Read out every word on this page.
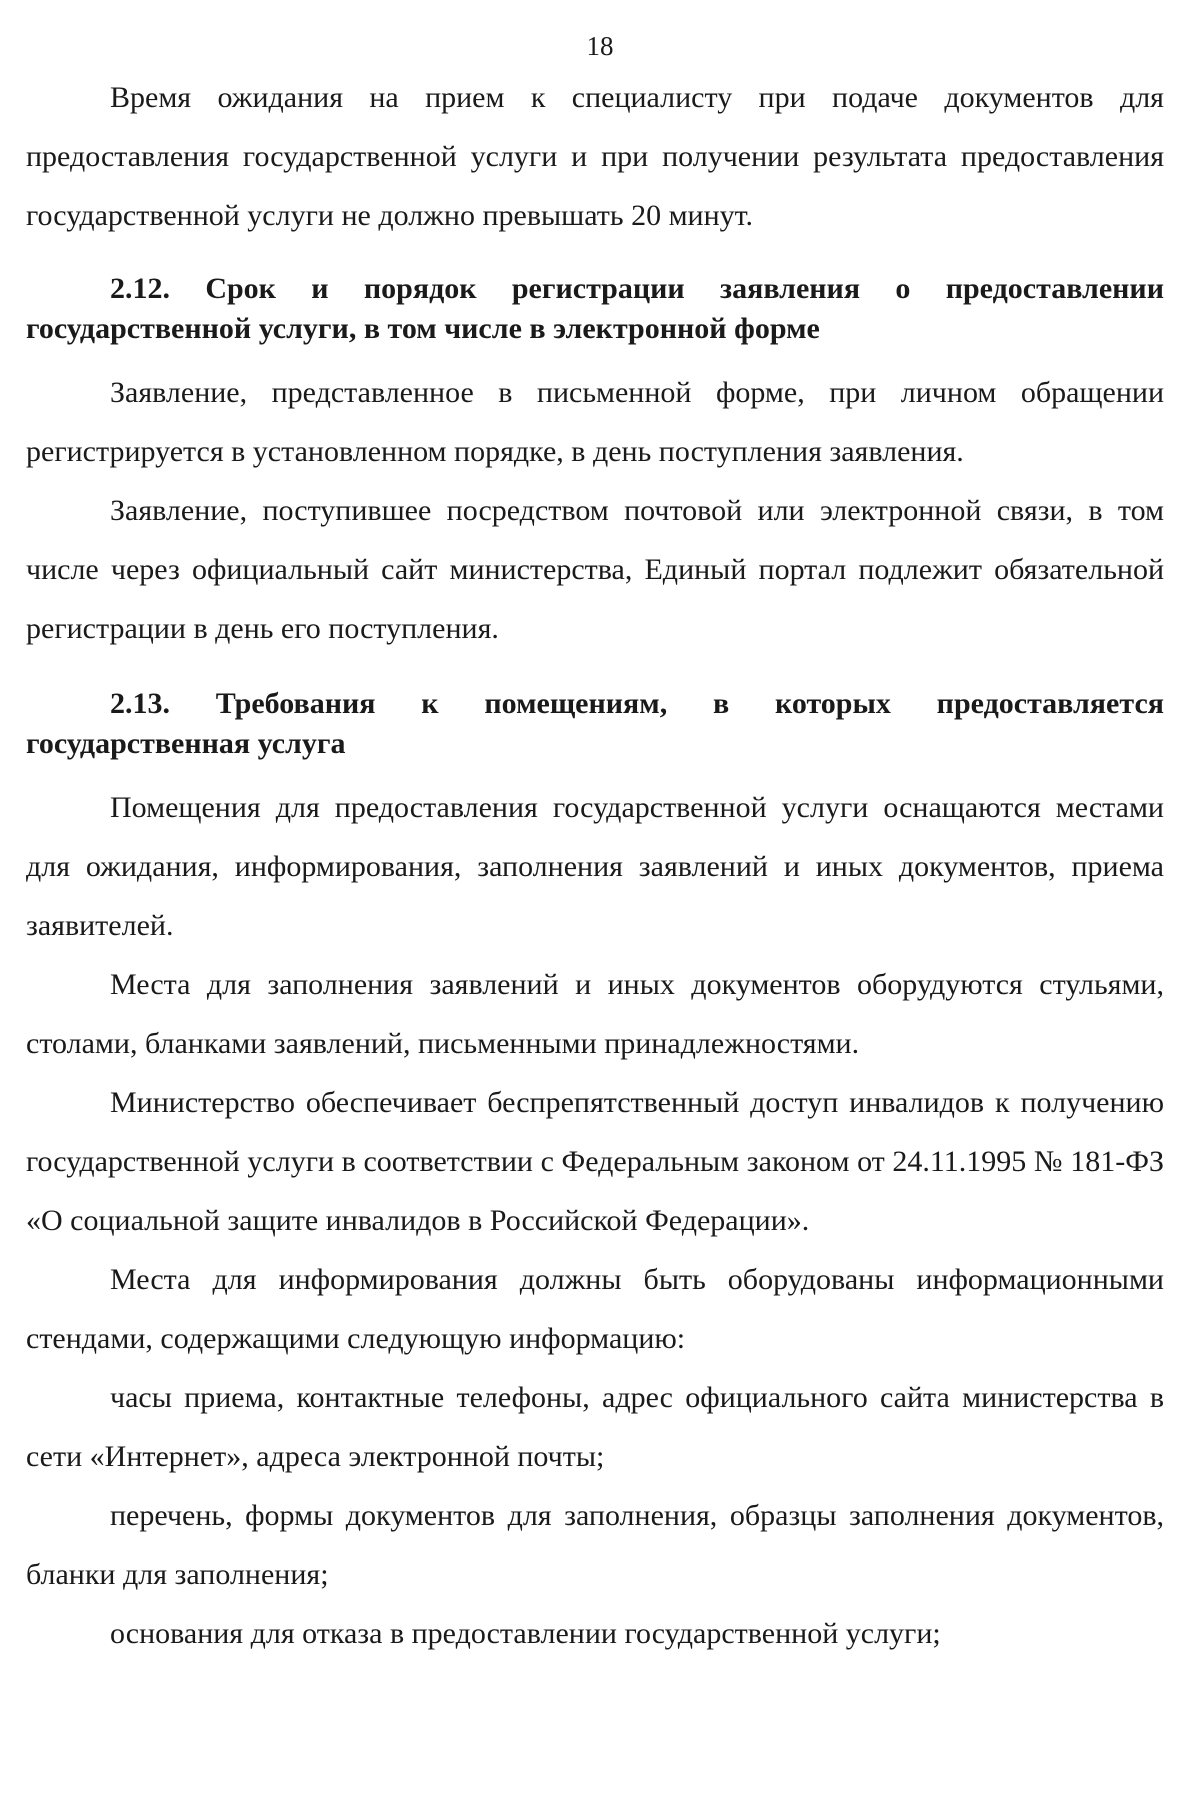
18

Время ожидания на прием к специалисту при подаче документов для предоставления государственной услуги и при получении результата предоставления государственной услуги не должно превышать 20 минут.

2.12. Срок и порядок регистрации заявления о предоставлении государственной услуги, в том числе в электронной форме

Заявление, представленное в письменной форме, при личном обращении регистрируется в установленном порядке, в день поступления заявления.

Заявление, поступившее посредством почтовой или электронной связи, в том числе через официальный сайт министерства, Единый портал подлежит обязательной регистрации в день его поступления.

2.13. Требования к помещениям, в которых предоставляется государственная услуга

Помещения для предоставления государственной услуги оснащаются местами для ожидания, информирования, заполнения заявлений и иных документов, приема заявителей.

Места для заполнения заявлений и иных документов оборудуются стульями, столами, бланками заявлений, письменными принадлежностями.

Министерство обеспечивает беспрепятственный доступ инвалидов к получению государственной услуги в соответствии с Федеральным законом от 24.11.1995 № 181-ФЗ «О социальной защите инвалидов в Российской Федерации».

Места для информирования должны быть оборудованы информационными стендами, содержащими следующую информацию:

часы приема, контактные телефоны, адрес официального сайта министерства в сети «Интернет», адреса электронной почты;

перечень, формы документов для заполнения, образцы заполнения документов, бланки для заполнения;

основания для отказа в предоставлении государственной услуги;
